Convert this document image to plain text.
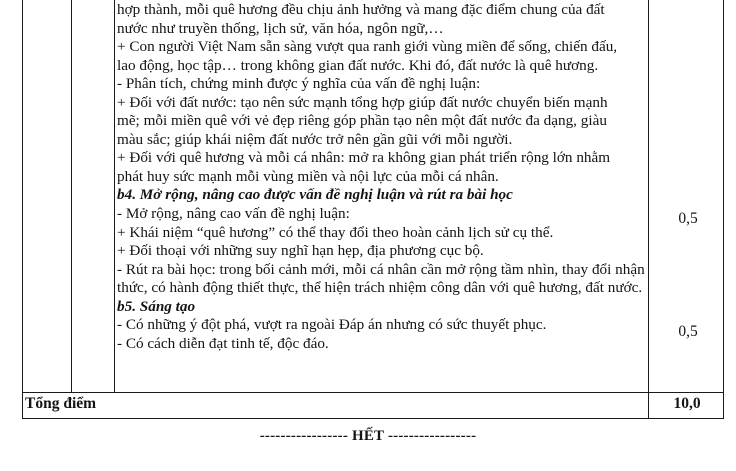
hợp thành, mỗi quê hương đều chịu ảnh hưởng và mang đặc điểm chung của đất
nước như truyền thống, lịch sử, văn hóa, ngôn ngữ,…
+ Con người Việt Nam sẵn sàng vượt qua ranh giới vùng miền để sống, chiến đấu,
lao động, học tập… trong không gian đất nước. Khi đó, đất nước là quê hương.
- Phân tích, chứng minh được ý nghĩa của vấn đề nghị luận:
+ Đối với đất nước: tạo nên sức mạnh tổng hợp giúp đất nước chuyển biến mạnh
mẽ; mỗi miền quê với vẻ đẹp riêng góp phần tạo nên một đất nước đa dạng, giàu
màu sắc; giúp khái niệm đất nước trở nên gần gũi với mỗi người.
+ Đối với quê hương và mỗi cá nhân: mở ra không gian phát triển rộng lớn nhằm
phát huy sức mạnh mỗi vùng miền và nội lực của mỗi cá nhân.
b4. Mở rộng, nâng cao được vấn đề nghị luận và rút ra bài học
- Mở rộng, nâng cao vấn đề nghị luận:
+ Khái niệm “quê hương” có thể thay đổi theo hoàn cảnh lịch sử cụ thể.
+ Đối thoại với những suy nghĩ hạn hẹp, địa phương cục bộ.
- Rút ra bài học: trong bối cảnh mới, mỗi cá nhân cần mở rộng tầm nhìn, thay đổi nhận
thức, có hành động thiết thực, thể hiện trách nhiệm công dân với quê hương, đất nước.
b5. Sáng tạo
- Có những ý đột phá, vượt ra ngoài Đáp án nhưng có sức thuyết phục.
- Có cách diễn đạt tinh tế, độc đáo.
0,5
0,5
Tổng điểm	10,0
----------------- HẾT -----------------
